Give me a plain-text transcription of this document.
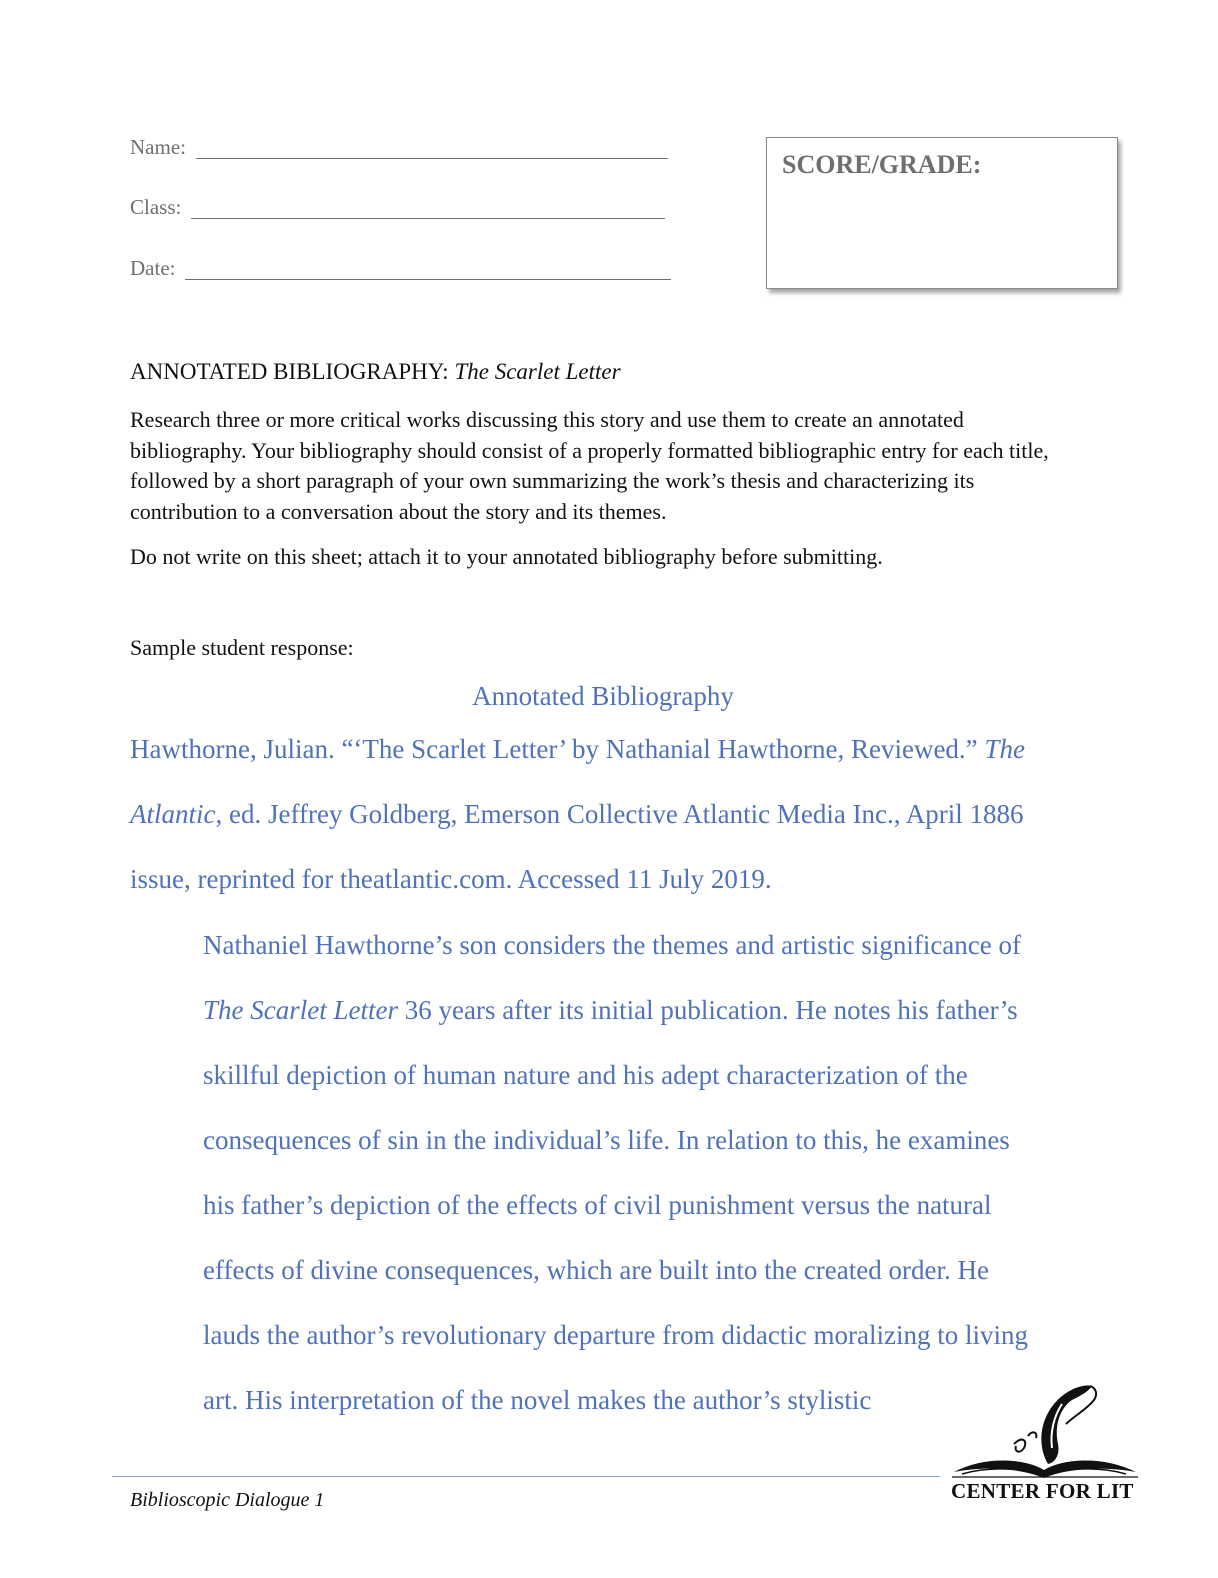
Name:
Class:
Date:
SCORE/GRADE:
ANNOTATED BIBLIOGRAPHY: The Scarlet Letter

Research three or more critical works discussing this story and use them to create an annotated bibliography. Your bibliography should consist of a properly formatted bibliographic entry for each title, followed by a short paragraph of your own summarizing the work’s thesis and characterizing its contribution to a conversation about the story and its themes.

Do not write on this sheet; attach it to your annotated bibliography before submitting.

Sample student response:
Annotated Bibliography
Hawthorne, Julian. “‘The Scarlet Letter’ by Nathanial Hawthorne, Reviewed.” The
Atlantic, ed. Jeffrey Goldberg, Emerson Collective Atlantic Media Inc., April 1886
issue, reprinted for theatlantic.com. Accessed 11 July 2019.
Nathaniel Hawthorne’s son considers the themes and artistic significance of
The Scarlet Letter 36 years after its initial publication. He notes his father’s
skillful depiction of human nature and his adept characterization of the
consequences of sin in the individual’s life. In relation to this, he examines
his father’s depiction of the effects of civil punishment versus the natural
effects of divine consequences, which are built into the created order. He
lauds the author’s revolutionary departure from didactic moralizing to living
art. His interpretation of the novel makes the author’s stylistic
Biblioscopic Dialogue 1	CENTER FOR LIT
